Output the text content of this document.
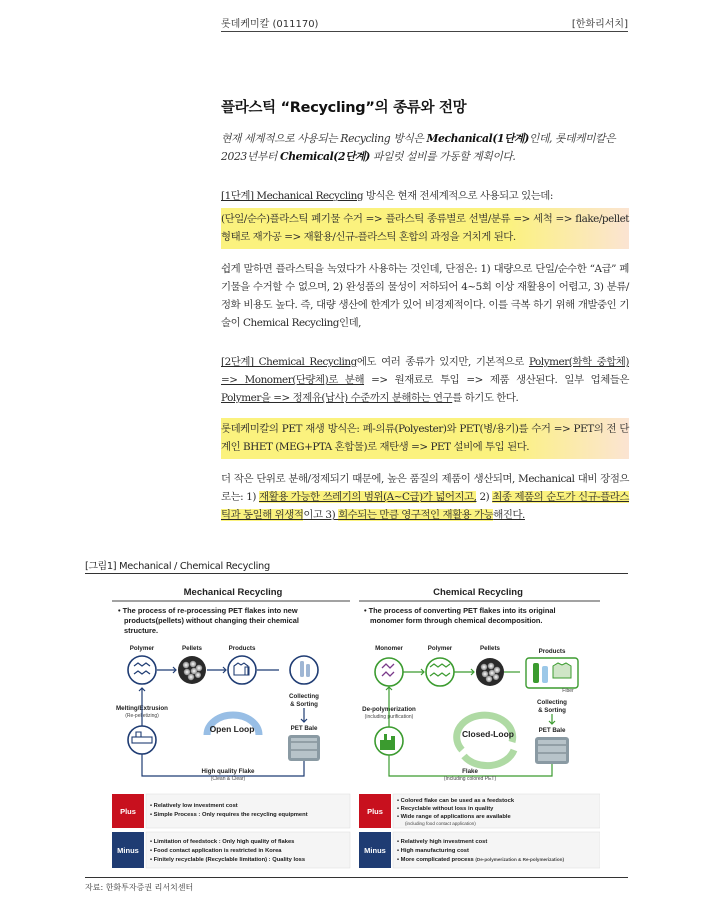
롯데케미칼 (011170)	[한화리서치]
플라스틱 “Recycling”의 종류와 전망
현재 세계적으로 사용되는 Recycling 방식은 Mechanical(1단계)인데, 롯데케미칼은 2023년부터 Chemical(2단계) 파일럿 설비를 가동할 계획이다.
[1단계] Mechanical Recycling 방식은 현재 전세계적으로 사용되고 있는데:
(단일/순수)플라스틱 폐기물 수거 => 플라스틱 종류별로 선별/분류 => 세척 => flake/pellet 형태로 재가공 => 재활용/신규-플라스틱 혼합의 과정을 거치게 된다.
쉽게 말하면 플라스틱을 녹였다가 사용하는 것인데, 단점은: 1) 대량으로 단일/순수한 “A급” 폐기물을 수거할 수 없으며, 2) 완성품의 물성이 저하되어 4~5회 이상 재활용이 어렵고, 3) 분류/정화 비용도 높다. 즉, 대량 생산에 한계가 있어 비경제적이다. 이를 극복 하기 위해 개발중인 기술이 Chemical Recycling인데,
[2단계] Chemical Recycling에도 여러 종류가 있지만, 기본적으로 Polymer(화학 중합체) => Monomer(단량체)로 분해 => 원재료로 투입 => 제품 생산된다. 일부 업체들은 Polymer을 => 정제유(납사) 수준까지 분해하는 연구를 하기도 한다.
롯데케미칼의 PET 재생 방식은: 폐-의류(Polyester)와 PET(병/용기)를 수거 => PET의 전 단계인 BHET (MEG+PTA 혼합물)로 재탄생 => PET 설비에 투입 된다.
더 작은 단위로 분해/정제되기 때문에, 높은 품질의 제품이 생산되며, Mechanical 대비 장점으로는: 1) 재활용 가능한 쓰레기의 범위(A~C급)가 넓어지고, 2) 최종 제품의 순도가 신규-플라스틱과 동일해 위생적이고 3) 회수되는 만큼 영구적인 재활용 가능해진다.
[그림1] Mechanical / Chemical Recycling
Mechanical Recycling
• The process of re-processing PET flakes into new
products(pellets) without changing their chemical
structure.
Polymer	Pellets	Products
Collecting
& Sorting
PET Bale
Melting/Extrusion
(Re-pelletizing)
Open Loop
High quality Flake
(Clean & Clear)
Chemical Recycling
• The process of converting PET flakes into its original
monomer form through chemical decomposition.
Monomer	Polymer	Pellets	Products
Fiber
Collecting
& Sorting
PET Bale
De-polymerization
(including purification)
Closed-Loop
Flake
(Including colored PET)
Plus
• Relatively low investment cost
• Simple Process : Only requires the recycling equipment
Minus
• Limitation of feedstock : Only high quality of flakes
• Food contact application is restricted in Korea
• Finitely recyclable (Recyclable limitation) : Quality loss
Plus
• Colored flake can be used as a feedstock
• Recyclable without loss in quality
• Wide range of applications are available
(including food contact application)
Minus
• Relatively high investment cost
• High manufacturing cost
• More complicated process (De-polymerization & Re-polymerization)
자료: 한화투자증권 리서치센터
